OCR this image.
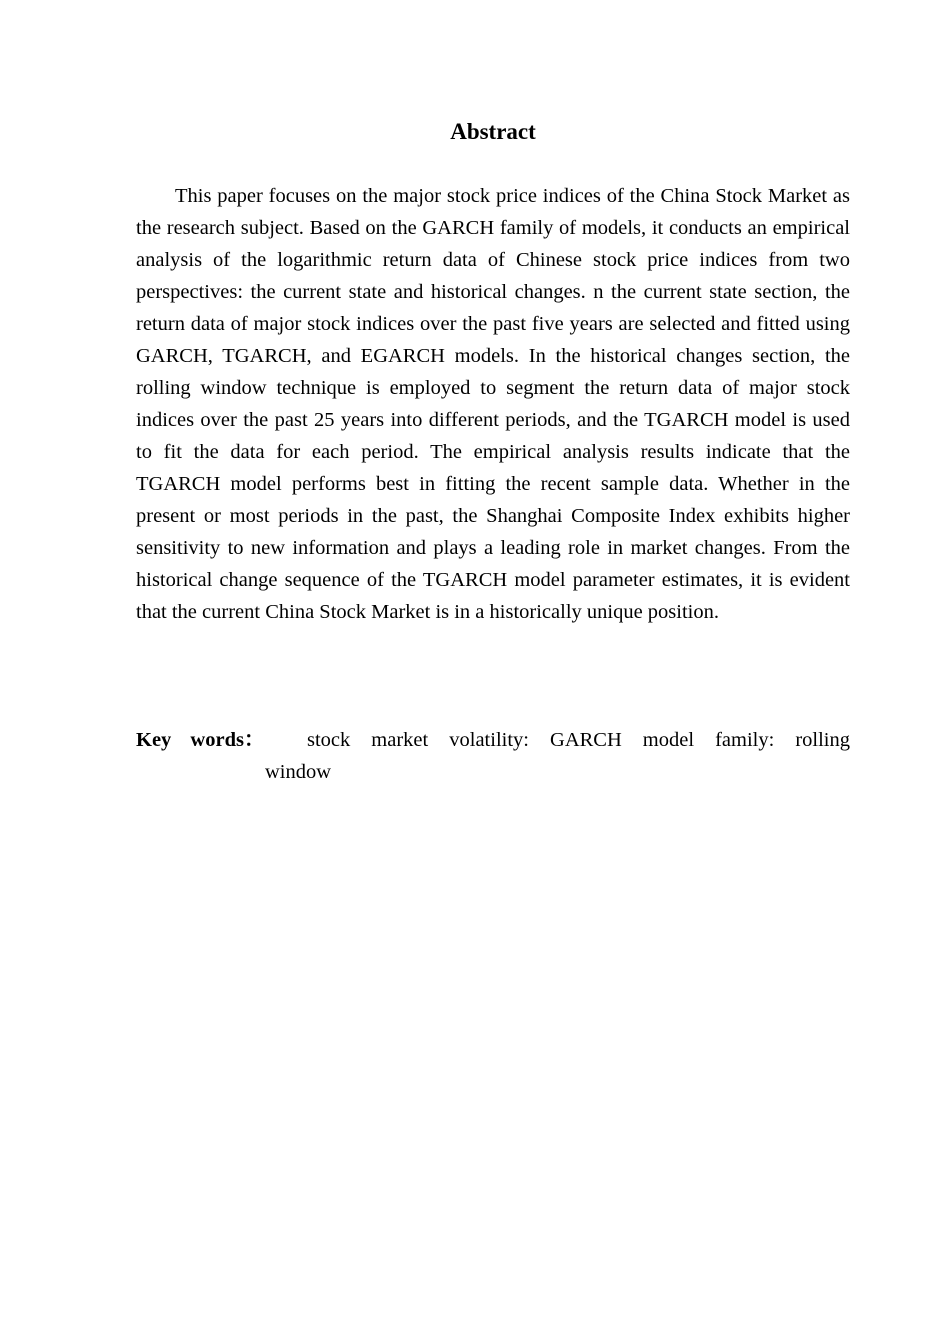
Abstract

This paper focuses on the major stock price indices of the China Stock Market as the research subject. Based on the GARCH family of models, it conducts an empirical analysis of the logarithmic return data of Chinese stock price indices from two perspectives: the current state and historical changes. n the current state section, the return data of major stock indices over the past five years are selected and fitted using GARCH, TGARCH, and EGARCH models. In the historical changes section, the rolling window technique is employed to segment the return data of major stock indices over the past 25 years into different periods, and the TGARCH model is used to fit the data for each period. The empirical analysis results indicate that the TGARCH model performs best in fitting the recent sample data. Whether in the present or most periods in the past, the Shanghai Composite Index exhibits higher sensitivity to new information and plays a leading role in market changes. From the historical change sequence of the TGARCH model parameter estimates, it is evident that the current China Stock Market is in a historically unique position.

Key words：	stock market volatility: GARCH model family: rolling window
